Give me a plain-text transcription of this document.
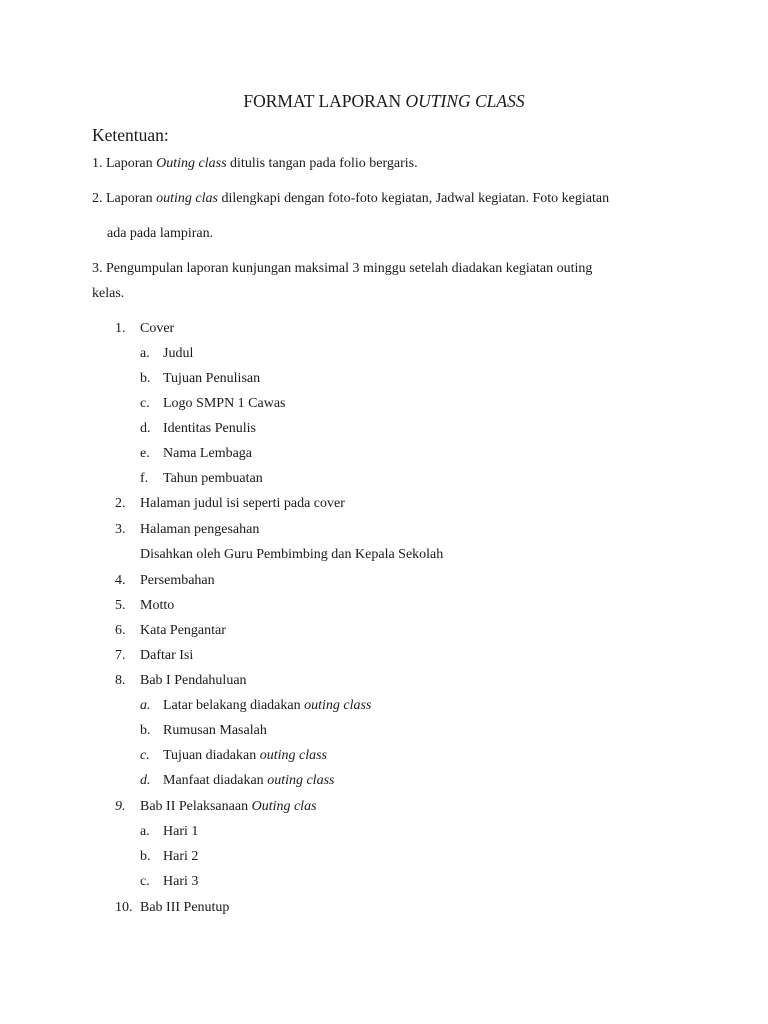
FORMAT LAPORAN OUTING CLASS
Ketentuan:
1. Laporan Outing class ditulis tangan pada folio bergaris.
2. Laporan outing clas dilengkapi dengan foto-foto kegiatan, Jadwal kegiatan. Foto kegiatan
ada pada lampiran.
3. Pengumpulan laporan kunjungan maksimal 3 minggu setelah diadakan kegiatan outing
kelas.
1. Cover
a. Judul
b. Tujuan Penulisan
c. Logo SMPN 1 Cawas
d. Identitas Penulis
e. Nama Lembaga
f. Tahun pembuatan
2. Halaman judul isi seperti pada cover
3. Halaman pengesahan
Disahkan oleh Guru Pembimbing dan Kepala Sekolah
4. Persembahan
5. Motto
6. Kata Pengantar
7. Daftar Isi
8. Bab I Pendahuluan
a. Latar belakang diadakan outing class
b. Rumusan Masalah
c. Tujuan diadakan outing class
d. Manfaat diadakan outing class
9. Bab II Pelaksanaan Outing clas
a. Hari 1
b. Hari 2
c. Hari 3
10. Bab III Penutup
